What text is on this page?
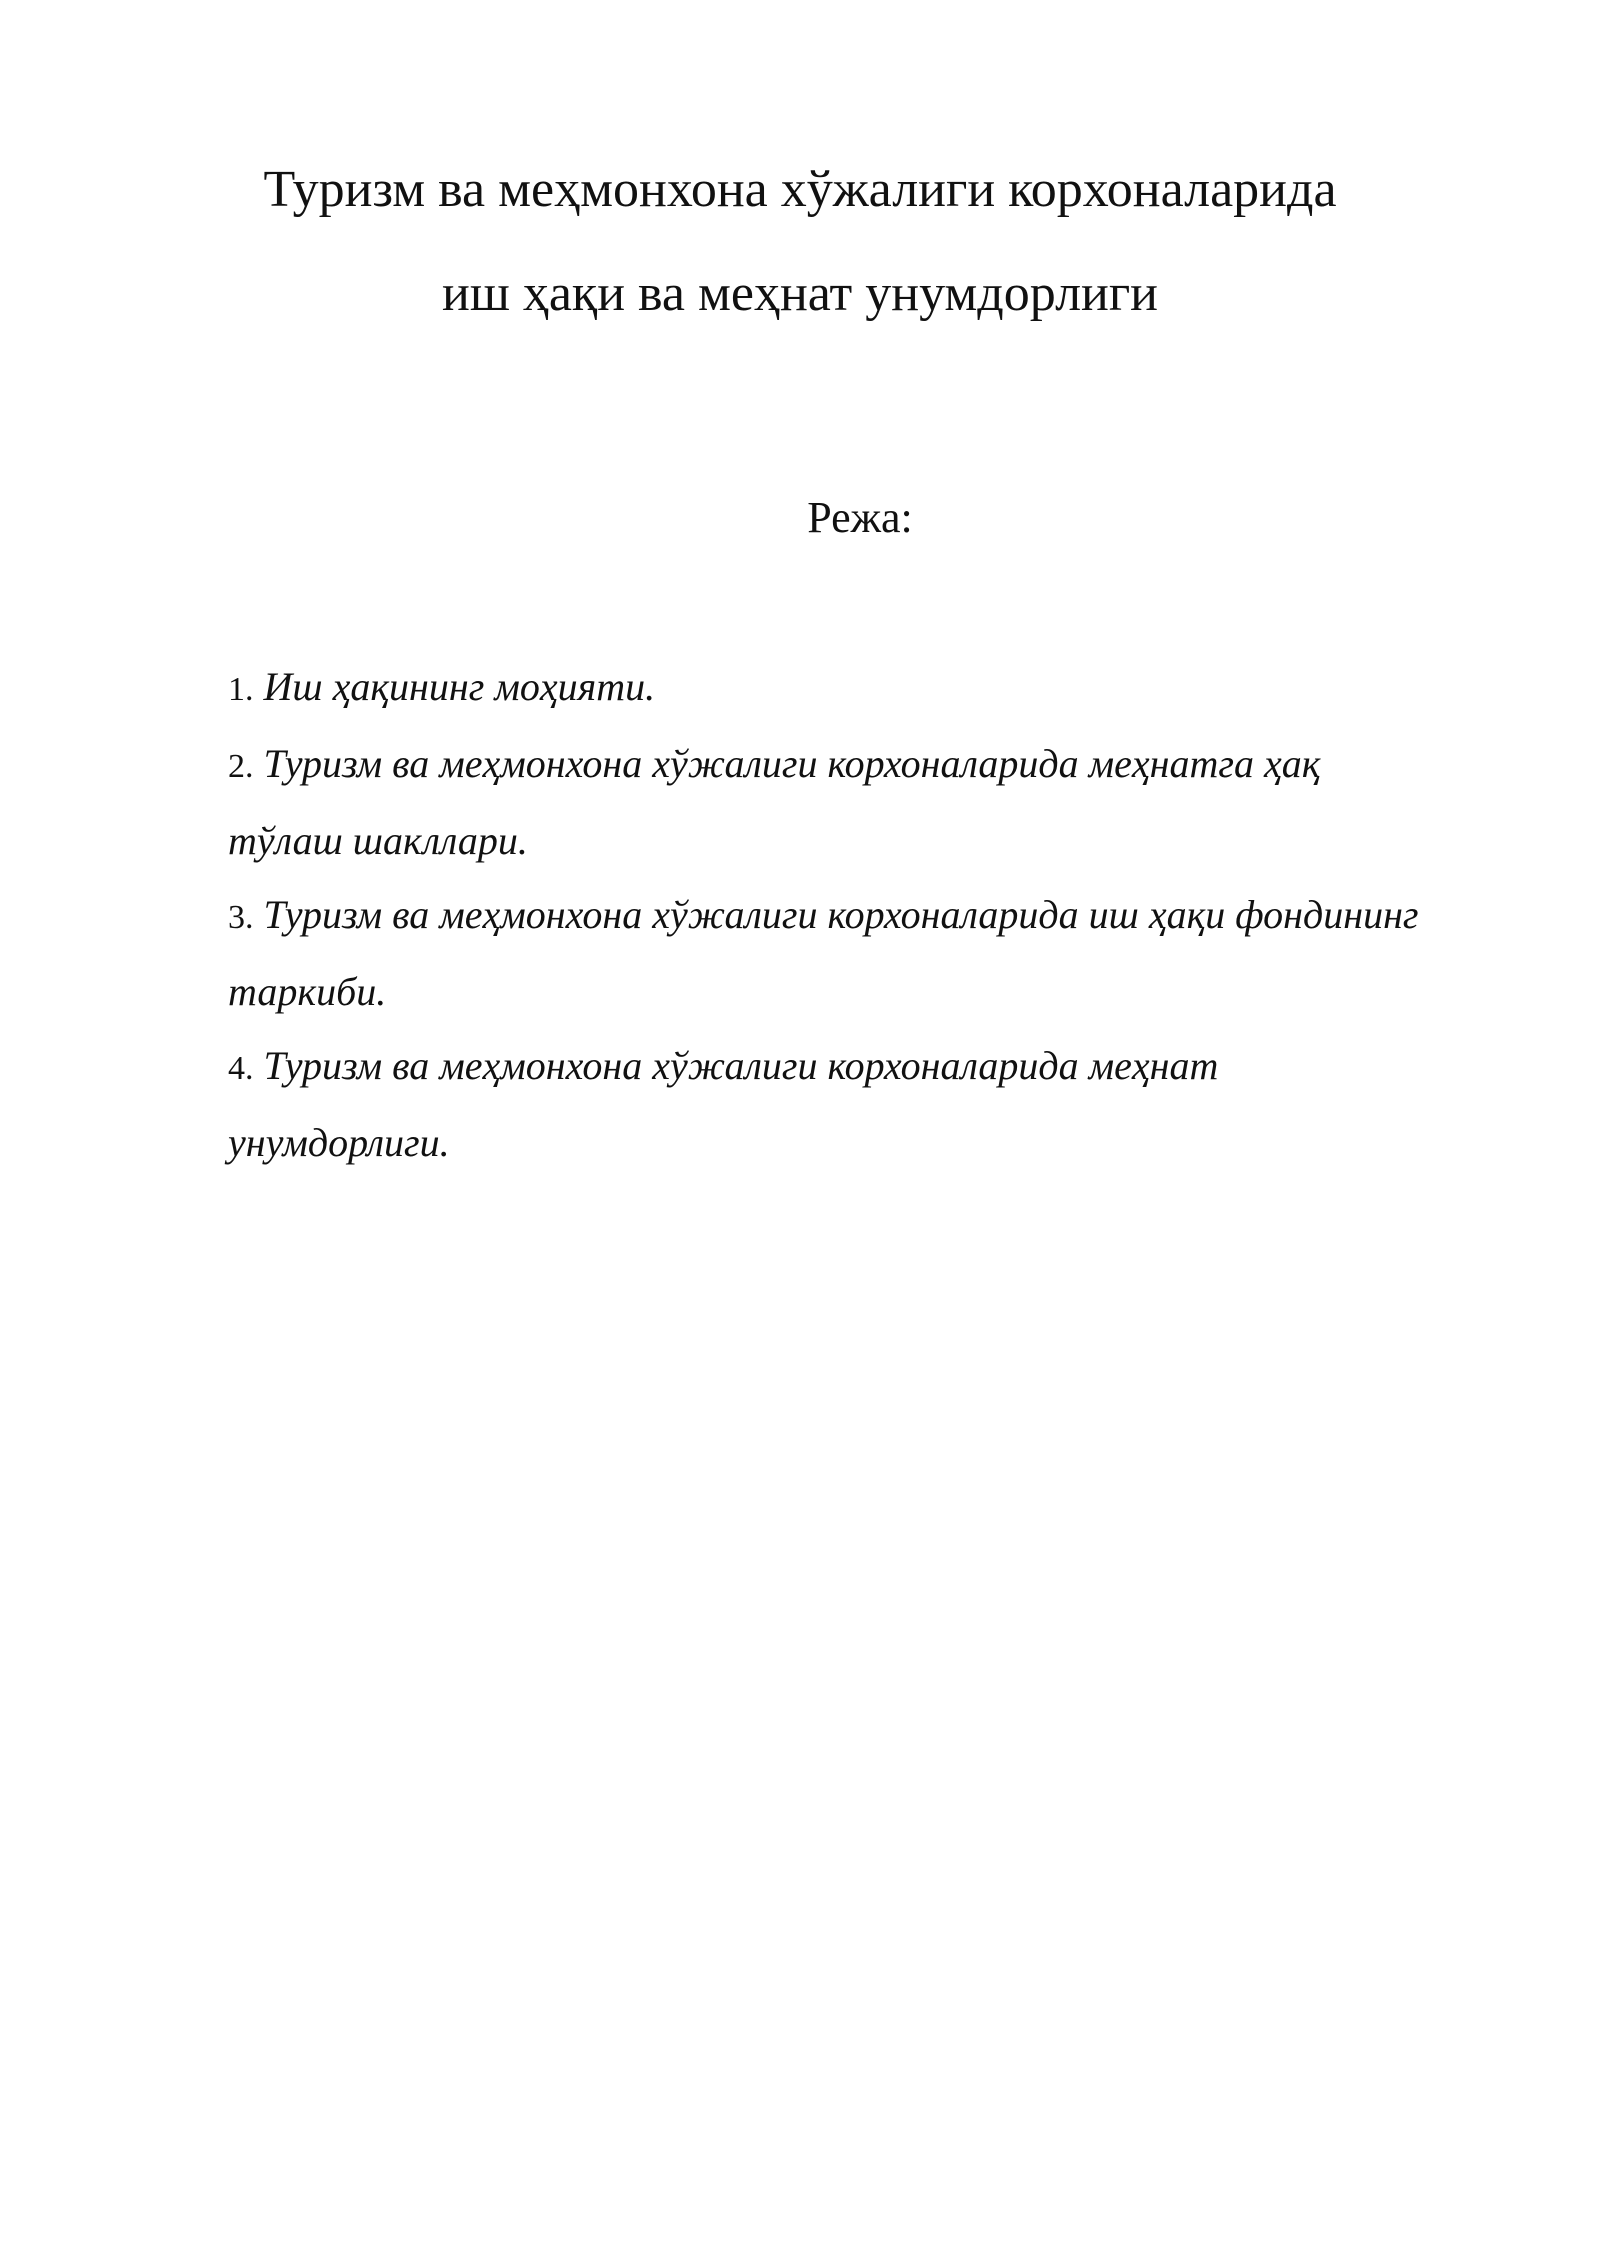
Туризм ва меҳмонхона хўжалиги корхоналарида
иш ҳақи ва меҳнат унумдорлиги
Режа:
1. Иш ҳақининг моҳияти.
2. Туризм ва меҳмонхона хўжалиги корхоналарида меҳнатга ҳақ тўлаш шакллари.
3. Туризм ва меҳмонхона хўжалиги корхоналарида иш ҳақи фондининг таркиби.
4. Туризм ва меҳмонхона хўжалиги корхоналарида меҳнат унумдорлиги.
